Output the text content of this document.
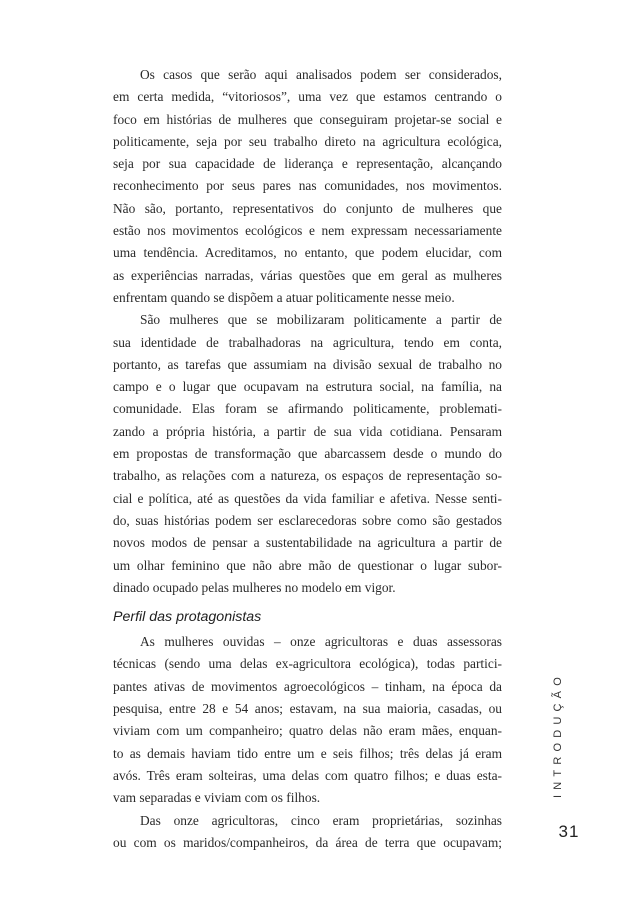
Os casos que serão aqui analisados podem ser considerados,
em certa medida, “vitoriosos”, uma vez que estamos centrando o
foco em histórias de mulheres que conseguiram projetar-se social e
politicamente, seja por seu trabalho direto na agricultura ecológica,
seja por sua capacidade de liderança e representação, alcançando
reconhecimento por seus pares nas comunidades, nos movimentos.
Não são, portanto, representativos do conjunto de mulheres que
estão nos movimentos ecológicos e nem expressam necessariamente
uma tendência. Acreditamos, no entanto, que podem elucidar, com
as experiências narradas, várias questões que em geral as mulheres
enfrentam quando se dispõem a atuar politicamente nesse meio.
São mulheres que se mobilizaram politicamente a partir de
sua identidade de trabalhadoras na agricultura, tendo em conta,
portanto, as tarefas que assumiam na divisão sexual de trabalho no
campo e o lugar que ocupavam na estrutura social, na família, na
comunidade. Elas foram se afirmando politicamente, problemati-
zando a própria história, a partir de sua vida cotidiana. Pensaram
em propostas de transformação que abarcassem desde o mundo do
trabalho, as relações com a natureza, os espaços de representação so-
cial e política, até as questões da vida familiar e afetiva. Nesse senti-
do, suas histórias podem ser esclarecedoras sobre como são gestados
novos modos de pensar a sustentabilidade na agricultura a partir de
um olhar feminino que não abre mão de questionar o lugar subor-
dinado ocupado pelas mulheres no modelo em vigor.
Perfil das protagonistas
As mulheres ouvidas – onze agricultoras e duas assessoras
técnicas (sendo uma delas ex-agricultora ecológica), todas partici-
pantes ativas de movimentos agroecológicos – tinham, na época da
pesquisa, entre 28 e 54 anos; estavam, na sua maioria, casadas, ou
viviam com um companheiro; quatro delas não eram mães, enquan-
to as demais haviam tido entre um e seis filhos; três delas já eram
avós. Três eram solteiras, uma delas com quatro filhos; e duas esta-
vam separadas e viviam com os filhos.
Das onze agricultoras, cinco eram proprietárias, sozinhas
ou com os maridos/companheiros, da área de terra que ocupavam;
INTRODUÇÃO
31
